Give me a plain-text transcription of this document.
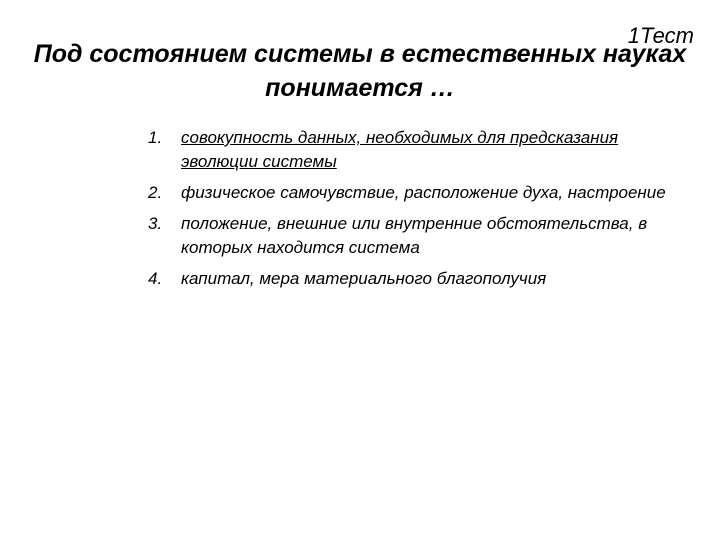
1Тест
Под состоянием системы в естественных науках понимается …
1. совокупность данных, необходимых для предсказания эволюции системы
2. физическое самочувствие, расположение духа, настроение
3. положение, внешние или внутренние обстоятельства, в которых находится система
4. капитал, мера материального благополучия
